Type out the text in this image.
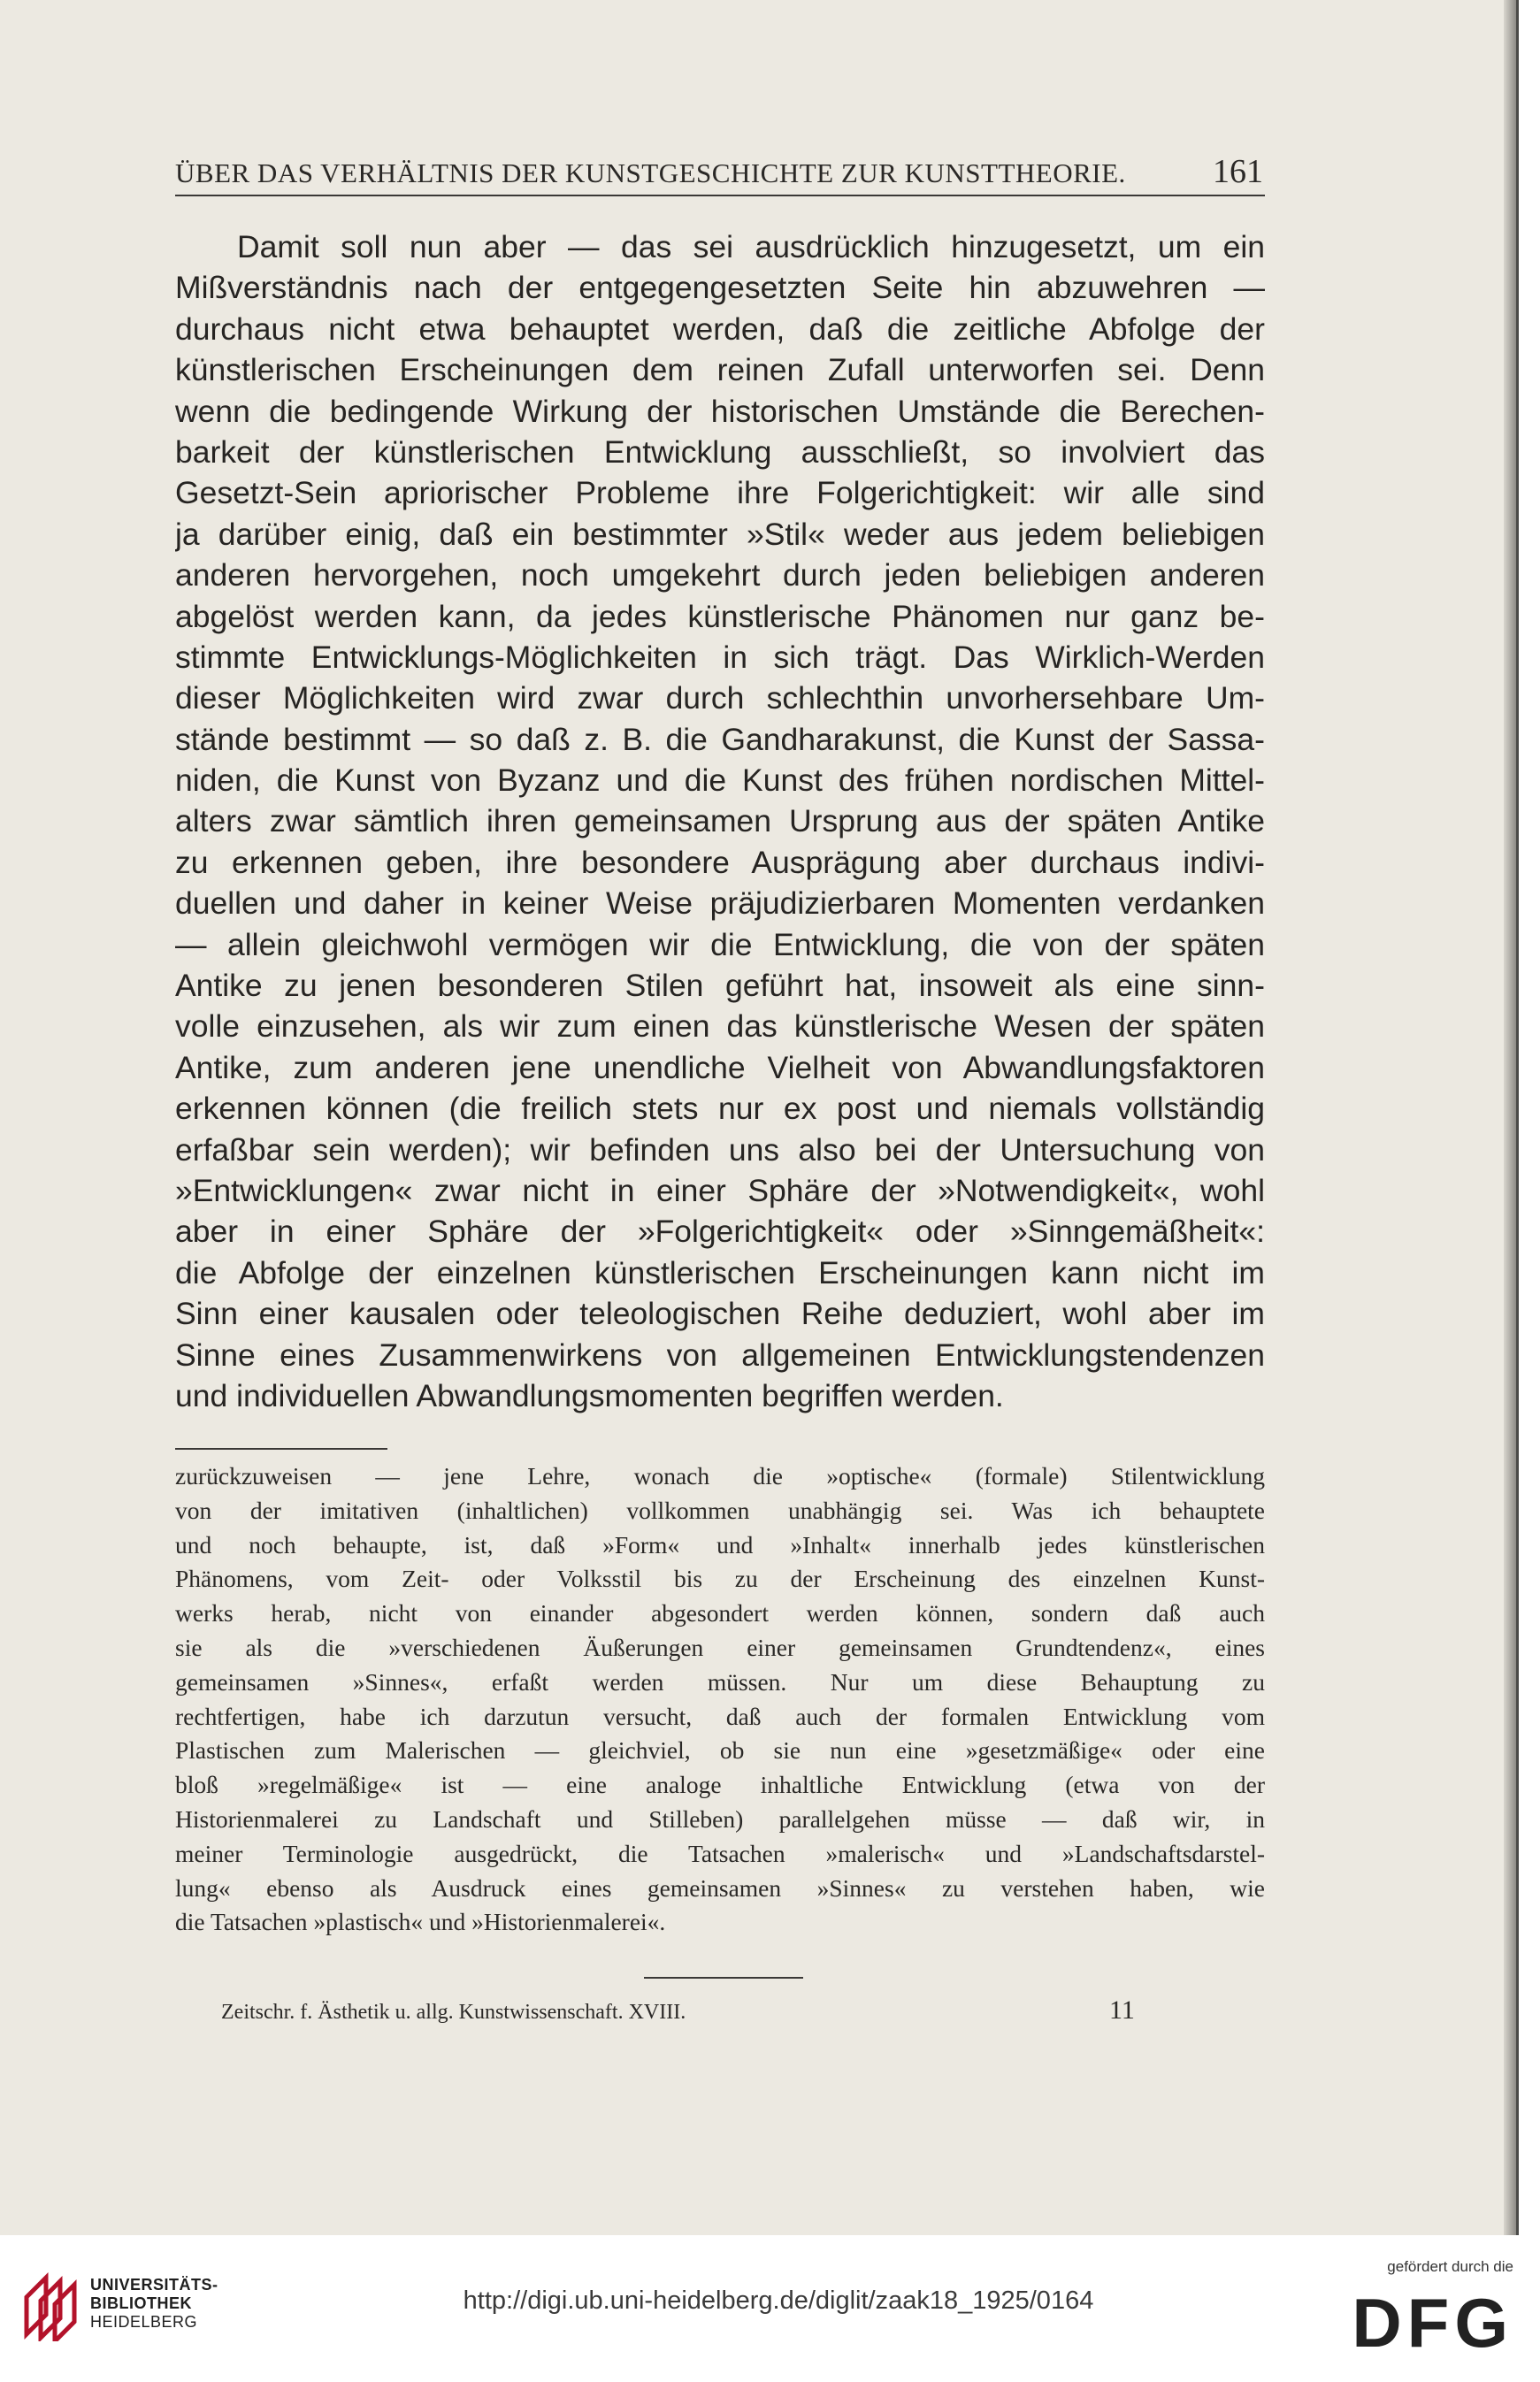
ÜBER DAS VERHÄLTNIS DER KUNSTGESCHICHTE ZUR KUNSTTHEORIE.	161
Damit soll nun aber — das sei ausdrücklich hinzugesetzt, um ein
Mißverständnis nach der entgegengesetzten Seite hin abzuwehren —
durchaus nicht etwa behauptet werden, daß die zeitliche Abfolge der
künstlerischen Erscheinungen dem reinen Zufall unterworfen sei. Denn
wenn die bedingende Wirkung der historischen Umstände die Berechen-
barkeit der künstlerischen Entwicklung ausschließt, so involviert das
Gesetzt-Sein apriorischer Probleme ihre Folgerichtigkeit: wir alle sind
ja darüber einig, daß ein bestimmter »Stil« weder aus jedem beliebigen
anderen hervorgehen, noch umgekehrt durch jeden beliebigen anderen
abgelöst werden kann, da jedes künstlerische Phänomen nur ganz be-
stimmte Entwicklungs-Möglichkeiten in sich trägt. Das Wirklich-Werden
dieser Möglichkeiten wird zwar durch schlechthin unvorhersehbare Um-
stände bestimmt — so daß z. B. die Gandharakunst, die Kunst der Sassa-
niden, die Kunst von Byzanz und die Kunst des frühen nordischen Mittel-
alters zwar sämtlich ihren gemeinsamen Ursprung aus der späten Antike
zu erkennen geben, ihre besondere Ausprägung aber durchaus indivi-
duellen und daher in keiner Weise präjudizierbaren Momenten verdanken
— allein gleichwohl vermögen wir die Entwicklung, die von der späten
Antike zu jenen besonderen Stilen geführt hat, insoweit als eine sinn-
volle einzusehen, als wir zum einen das künstlerische Wesen der späten
Antike, zum anderen jene unendliche Vielheit von Abwandlungsfaktoren
erkennen können (die freilich stets nur ex post und niemals vollständig
erfaßbar sein werden); wir befinden uns also bei der Untersuchung von
»Entwicklungen« zwar nicht in einer Sphäre der »Notwendigkeit«, wohl
aber in einer Sphäre der »Folgerichtigkeit« oder »Sinngemäßheit«:
die Abfolge der einzelnen künstlerischen Erscheinungen kann nicht im
Sinn einer kausalen oder teleologischen Reihe deduziert, wohl aber im
Sinne eines Zusammenwirkens von allgemeinen Entwicklungstendenzen
und individuellen Abwandlungsmomenten begriffen werden.
zurückzuweisen — jene Lehre, wonach die »optische« (formale) Stilentwicklung
von der imitativen (inhaltlichen) vollkommen unabhängig sei. Was ich behauptete
und noch behaupte, ist, daß »Form« und »Inhalt« innerhalb jedes künstlerischen
Phänomens, vom Zeit- oder Volksstil bis zu der Erscheinung des einzelnen Kunst-
werks herab, nicht von einander abgesondert werden können, sondern daß auch
sie als die »verschiedenen Äußerungen einer gemeinsamen Grundtendenz«, eines
gemeinsamen »Sinnes«, erfaßt werden müssen. Nur um diese Behauptung zu
rechtfertigen, habe ich darzutun versucht, daß auch der formalen Entwicklung vom
Plastischen zum Malerischen — gleichviel, ob sie nun eine »gesetzmäßige« oder eine
bloß »regelmäßige« ist — eine analoge inhaltliche Entwicklung (etwa von der
Historienmalerei zu Landschaft und Stilleben) parallelgehen müsse — daß wir, in
meiner Terminologie ausgedrückt, die Tatsachen »malerisch« und »Landschaftsdarstel-
lung« ebenso als Ausdruck eines gemeinsamen »Sinnes« zu verstehen haben, wie
die Tatsachen »plastisch« und »Historienmalerei«.
Zeitschr. f. Ästhetik u. allg. Kunstwissenschaft. XVIII.	11
UNIVERSITÄTS-
BIBLIOTHEK
HEIDELBERG
http://digi.ub.uni-heidelberg.de/diglit/zaak18_1925/0164
gefördert durch die
DFG
